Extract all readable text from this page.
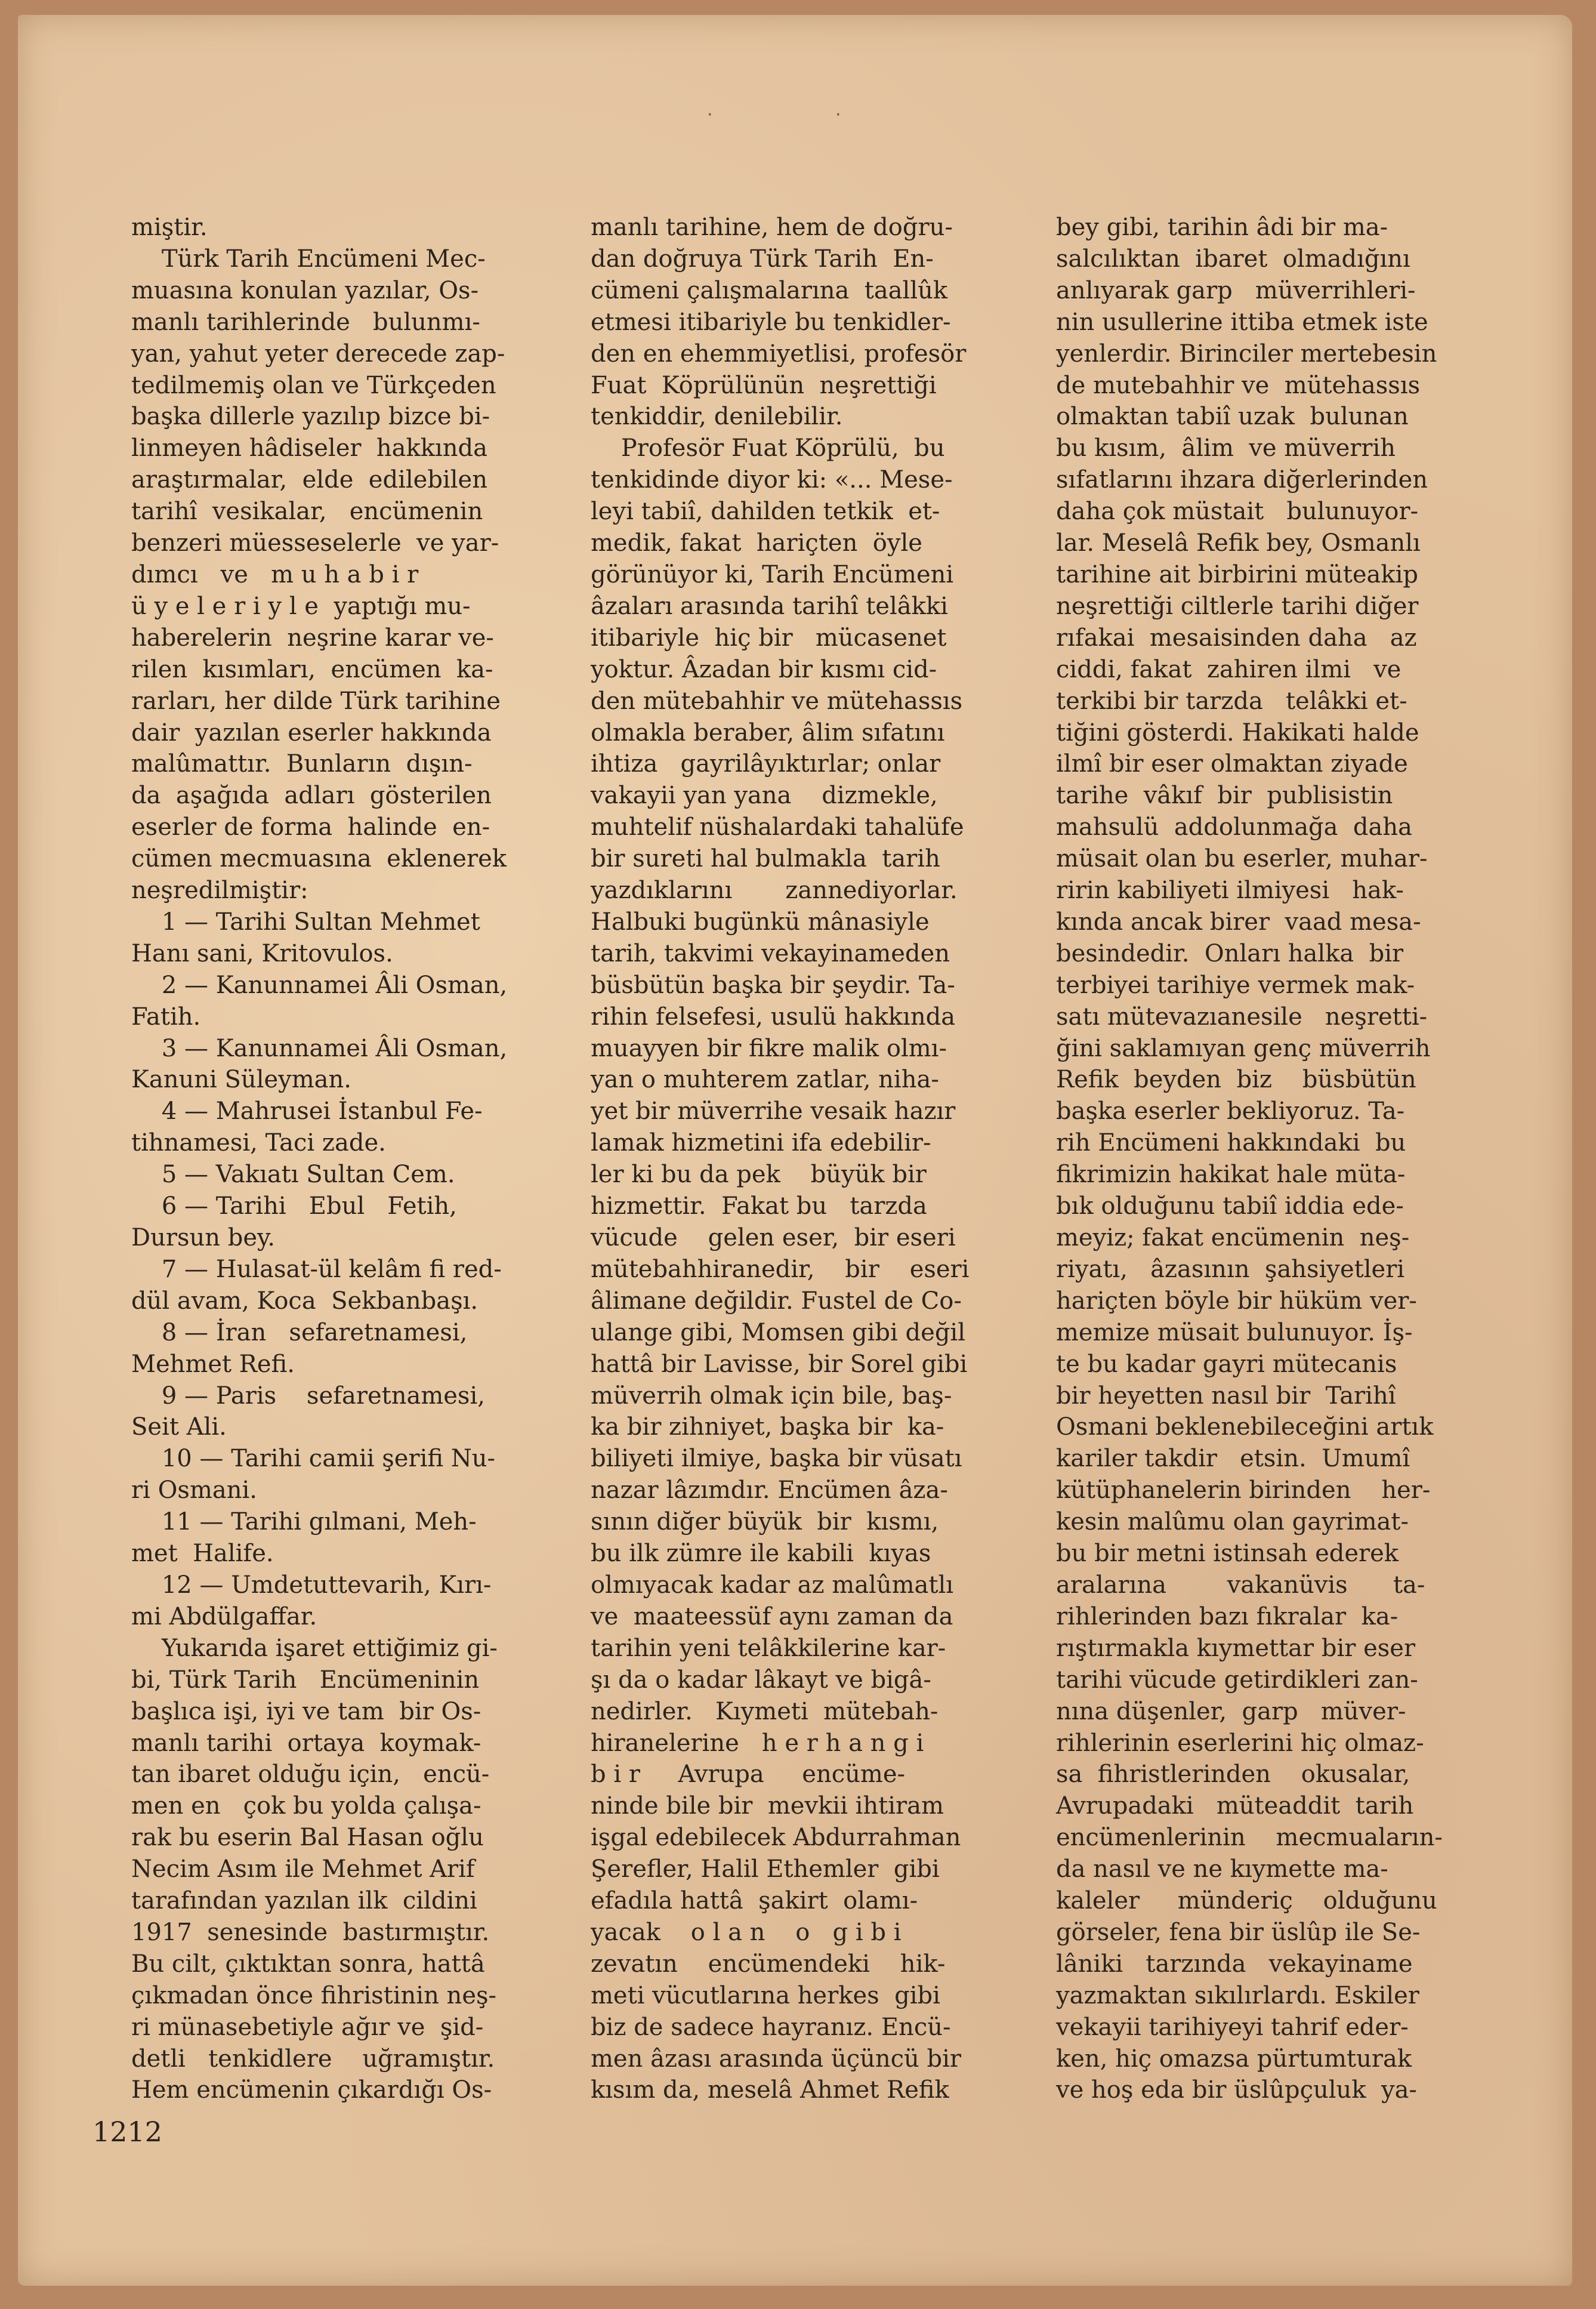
·	·

miştir.

Türk Tarih Encümeni Mec-

muasına konulan yazılar, Os-

manlı tarihlerinde   bulunmı-

yan, yahut yeter derecede zap-

tedilmemiş olan ve Türkçeden

başka dillerle yazılıp bizce bi-

linmeyen hâdiseler  hakkında

araştırmalar,  elde  edilebilen

tarihî  vesikalar,   encümenin

benzeri müesseselerle  ve yar-

dımcı   ve   m u h a b i r

ü y e l e r i y l e  yaptığı mu-

haberelerin  neşrine karar ve-

rilen  kısımları,  encümen  ka-

rarları, her dilde Türk tarihine

dair  yazılan eserler hakkında

malûmattır.  Bunların  dışın-

da  aşağıda  adları  gösterilen

eserler de forma  halinde  en-

cümen mecmuasına  eklenerek

neşredilmiştir:

1 — Tarihi Sultan Mehmet

Hanı sani, Kritovulos.

2 — Kanunnamei Âli Osman,

Fatih.

3 — Kanunnamei Âli Osman,

Kanuni Süleyman.

4 — Mahrusei İstanbul Fe-

tihnamesi, Taci zade.

5 — Vakıatı Sultan Cem.

6 — Tarihi   Ebul   Fetih,

Dursun bey.

7 — Hulasat-ül kelâm fi red-

dül avam, Koca  Sekbanbaşı.

8 — İran   sefaretnamesi,

Mehmet Refi.

9 — Paris    sefaretnamesi,

Seit Ali.

10 — Tarihi camii şerifi Nu-

ri Osmani.

11 — Tarihi gılmani, Meh-

met  Halife.

12 — Umdetuttevarih, Kırı-

mi Abdülgaffar.

Yukarıda işaret ettiğimiz gi-

bi, Türk Tarih   Encümeninin

başlıca işi, iyi ve tam  bir Os-

manlı tarihi  ortaya  koymak-

tan ibaret olduğu için,   encü-

men en   çok bu yolda çalışa-

rak bu eserin Bal Hasan oğlu

Necim Asım ile Mehmet Arif

tarafından yazılan ilk  cildini

1917  senesinde  bastırmıştır.

Bu cilt, çıktıktan sonra, hattâ

çıkmadan önce fihristinin neş-

ri münasebetiyle ağır ve  şid-

detli   tenkidlere    uğramıştır.

Hem encümenin çıkardığı Os-

manlı tarihine, hem de doğru-

dan doğruya Türk Tarih  En-

cümeni çalışmalarına  taallûk

etmesi itibariyle bu tenkidler-

den en ehemmiyetlisi, profesör

Fuat  Köprülünün  neşrettiği

tenkiddir, denilebilir.

Profesör Fuat Köprülü,  bu

tenkidinde diyor ki: «... Mese-

leyi tabiî, dahilden tetkik  et-

medik, fakat  hariçten  öyle

görünüyor ki, Tarih Encümeni

âzaları arasında tarihî telâkki

itibariyle  hiç bir   mücasenet

yoktur. Âzadan bir kısmı cid-

den mütebahhir ve mütehassıs

olmakla beraber, âlim sıfatını

ihtiza   gayrilâyıktırlar; onlar

vakayii yan yana    dizmekle,

muhtelif nüshalardaki tahalüfe

bir sureti hal bulmakla  tarih

yazdıklarını       zannediyorlar.

Halbuki bugünkü mânasiyle

tarih, takvimi vekayinameden

büsbütün başka bir şeydir. Ta-

rihin felsefesi, usulü hakkında

muayyen bir fikre malik olmı-

yan o muhterem zatlar, niha-

yet bir müverrihe vesaik hazır

lamak hizmetini ifa edebilir-

ler ki bu da pek    büyük bir

hizmettir.  Fakat bu   tarzda

vücude    gelen eser,  bir eseri

mütebahhiranedir,    bir    eseri

âlimane değildir. Fustel de Co-

ulange gibi, Momsen gibi değil

hattâ bir Lavisse, bir Sorel gibi

müverrih olmak için bile, baş-

ka bir zihniyet, başka bir  ka-

biliyeti ilmiye, başka bir vüsatı

nazar lâzımdır. Encümen âza-

sının diğer büyük  bir  kısmı,

bu ilk zümre ile kabili  kıyas

olmıyacak kadar az malûmatlı

ve  maateessüf aynı zaman da

tarihin yeni telâkkilerine kar-

şı da o kadar lâkayt ve bigâ-

nedirler.   Kıymeti  mütebah-

hiranelerine   h e r h a n g i

b i r     Avrupa     encüme-

ninde bile bir  mevkii ihtiram

işgal edebilecek Abdurrahman

Şerefler, Halil Ethemler  gibi

efadıla hattâ  şakirt  olamı-

yacak    o l a n    o   g i b i

zevatın    encümendeki    hik-

meti vücutlarına herkes  gibi

biz de sadece hayranız. Encü-

men âzası arasında üçüncü bir

kısım da, meselâ Ahmet Refik

bey gibi, tarihin âdi bir ma-

salcılıktan  ibaret  olmadığını

anlıyarak garp   müverrihleri-

nin usullerine ittiba etmek iste

yenlerdir. Birinciler mertebesin

de mutebahhir ve  mütehassıs

olmaktan tabiî uzak  bulunan

bu kısım,  âlim  ve müverrih

sıfatlarını ihzara diğerlerinden

daha çok müstait   bulunuyor-

lar. Meselâ Refik bey, Osmanlı

tarihine ait birbirini müteakip

neşrettiği ciltlerle tarihi diğer

rıfakai  mesaisinden daha   az

ciddi, fakat  zahiren ilmi   ve

terkibi bir tarzda   telâkki et-

tiğini gösterdi. Hakikati halde

ilmî bir eser olmaktan ziyade

tarihe  vâkıf  bir  publisistin

mahsulü  addolunmağa  daha

müsait olan bu eserler, muhar-

ririn kabiliyeti ilmiyesi   hak-

kında ancak birer  vaad mesa-

besindedir.  Onları halka  bir

terbiyei tarihiye vermek mak-

satı mütevazıanesile   neşretti-

ğini saklamıyan genç müverrih

Refik  beyden  biz    büsbütün

başka eserler bekliyoruz. Ta-

rih Encümeni hakkındaki  bu

fikrimizin hakikat hale müta-

bık olduğunu tabiî iddia ede-

meyiz; fakat encümenin  neş-

riyatı,   âzasının  şahsiyetleri

hariçten böyle bir hüküm ver-

memize müsait bulunuyor. İş-

te bu kadar gayri mütecanis

bir heyetten nasıl bir  Tarihî

Osmani beklenebileceğini artık

kariler takdir   etsin.  Umumî

kütüphanelerin birinden    her-

kesin malûmu olan gayrimat-

bu bir metni istinsah ederek

aralarına        vakanüvis      ta-

rihlerinden bazı fıkralar  ka-

rıştırmakla kıymettar bir eser

tarihi vücude getirdikleri zan-

nına düşenler,  garp   müver-

rihlerinin eserlerini hiç olmaz-

sa  fihristlerinden    okusalar,

Avrupadaki   müteaddit  tarih

encümenlerinin    mecmuaların-

da nasıl ve ne kıymette ma-

kaleler     münderiç    olduğunu

görseler, fena bir üslûp ile Se-

lâniki   tarzında   vekayiname

yazmaktan sıkılırlardı. Eskiler

vekayii tarihiyeyi tahrif eder-

ken, hiç omazsa pürtumturak

ve hoş eda bir üslûpçuluk  ya-

1212
